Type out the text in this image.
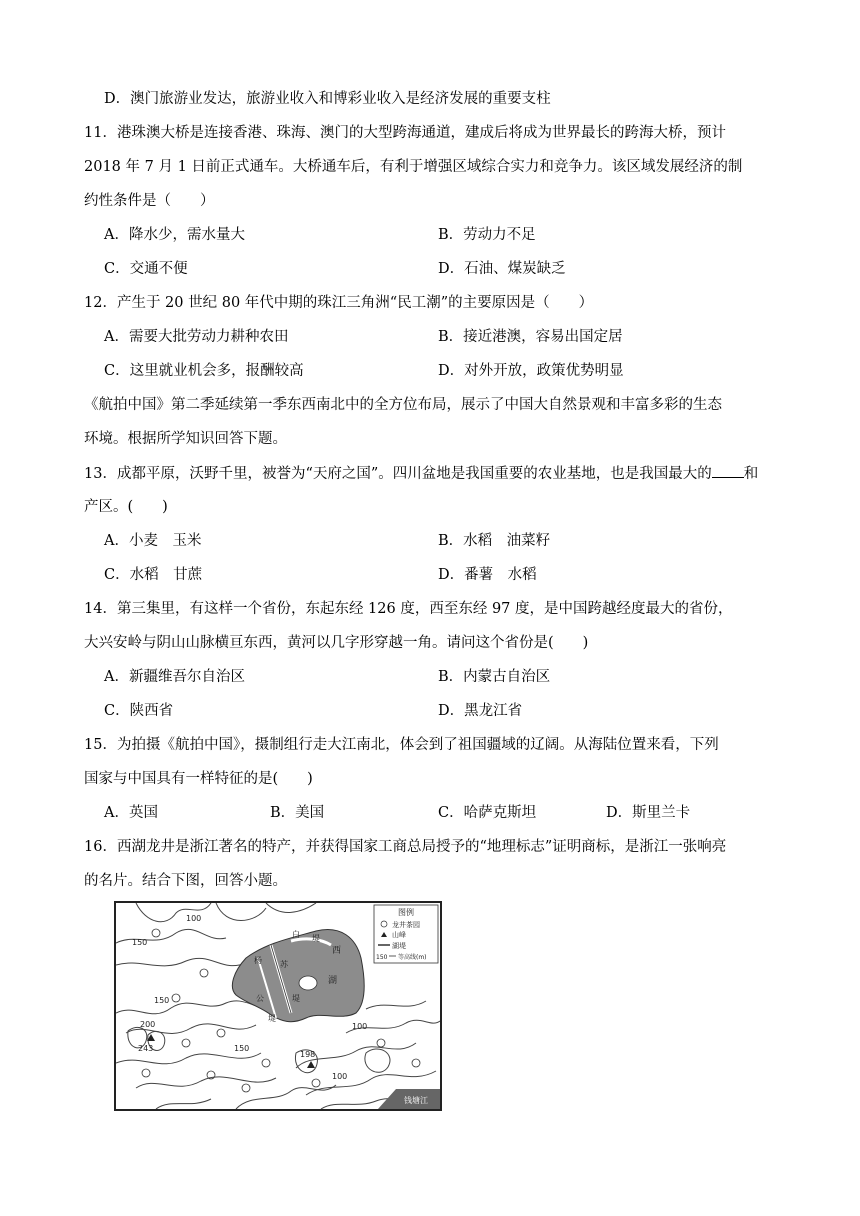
D．澳门旅游业发达，旅游业收入和博彩业收入是经济发展的重要支柱
11．港珠澳大桥是连接香港、珠海、澳门的大型跨海通道，建成后将成为世界最长的跨海大桥，预计
2018 年 7 月 1 日前正式通车。大桥通车后，有利于增强区域综合实力和竞争力。该区域发展经济的制
约性条件是（　　）
A．降水少，需水量大	B．劳动力不足
C．交通不便	D．石油、煤炭缺乏
12．产生于 20 世纪 80 年代中期的珠江三角洲“民工潮”的主要原因是（　　）
A．需要大批劳动力耕种农田	B．接近港澳，容易出国定居
C．这里就业机会多，报酬较高	D．对外开放，政策优势明显
《航拍中国》第二季延续第一季东西南北中的全方位布局，展示了中国大自然景观和丰富多彩的生态
环境。根据所学知识回答下题。
13．成都平原，沃野千里，被誉为“天府之国”。四川盆地是我国重要的农业基地，也是我国最大的 和
产区。(　　)
A．小麦　玉米	B．水稻　油菜籽
C．水稻　甘蔗	D．番薯　水稻
14．第三集里，有这样一个省份，东起东经 126 度，西至东经 97 度，是中国跨越经度最大的省份，
大兴安岭与阴山山脉横亘东西，黄河以几字形穿越一角。请问这个省份是(　　)
A．新疆维吾尔自治区	B．内蒙古自治区
C．陕西省	D．黑龙江省
15．为拍摄《航拍中国》，摄制组行走大江南北，体会到了祖国疆域的辽阔。从海陆位置来看，下列
国家与中国具有一样特征的是(　　)
A．英国	B．美国	C．哈萨克斯坦	D．斯里兰卡
16．西湖龙井是浙江著名的特产，并获得国家工商总局授予的“地理标志”证明商标，是浙江一张响亮
的名片。结合下图，回答小题。
100
150
150
200
243	150
100
100
198
西
湖
白 堤
苏
堤
杨
公
堤
图例
龙井茶园
山峰
湖堤
150 等高线(m)
钱塘江
